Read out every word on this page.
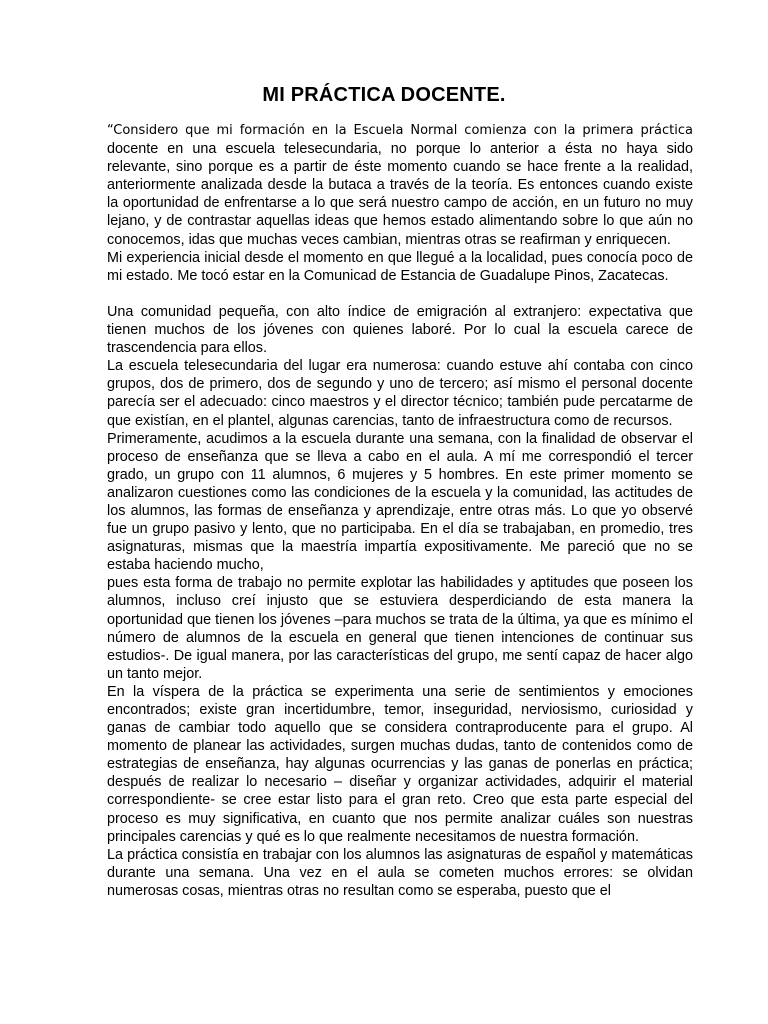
MI PRÁCTICA DOCENTE.

“Considero que mi formación en la Escuela Normal comienza con la primera práctica docente en una escuela telesecundaria, no porque lo anterior a ésta no haya sido relevante, sino porque es a partir de éste momento cuando se hace frente a la realidad, anteriormente analizada desde la butaca a través de la teoría. Es entonces cuando existe la oportunidad de enfrentarse a lo que será nuestro campo de acción, en un futuro no muy lejano, y de contrastar aquellas ideas que hemos estado alimentando sobre lo que aún no conocemos, idas que muchas veces cambian, mientras otras se reafirman y enriquecen.

Mi experiencia inicial desde el momento en que llegué a la localidad, pues conocía poco de mi estado. Me tocó estar en la Comunicad de Estancia de Guadalupe Pinos, Zacatecas.

Una comunidad pequeña, con alto índice de emigración al extranjero: expectativa que tienen muchos de los jóvenes con quienes laboré. Por lo cual la escuela carece de trascendencia para ellos.

La escuela telesecundaria del lugar era numerosa: cuando estuve ahí contaba con cinco grupos, dos de primero, dos de segundo y uno de tercero; así mismo el personal docente parecía ser el adecuado: cinco maestros y el director técnico; también pude percatarme de que existían, en el plantel, algunas carencias, tanto de infraestructura como de recursos.

Primeramente, acudimos a la escuela durante una semana, con la finalidad de observar el proceso de enseñanza que se lleva a cabo en el aula. A mí me correspondió el tercer grado, un grupo con 11 alumnos, 6 mujeres y 5 hombres. En este primer momento se analizaron cuestiones como las condiciones de la escuela y la comunidad, las actitudes de los alumnos, las formas de enseñanza y aprendizaje, entre otras más. Lo que yo observé fue un grupo pasivo y lento, que no participaba. En el día se trabajaban, en promedio, tres asignaturas, mismas que la maestría impartía expositivamente. Me pareció que no se estaba haciendo mucho,

pues esta forma de trabajo no permite explotar las habilidades y aptitudes que poseen los alumnos, incluso creí injusto que se estuviera desperdiciando de esta manera la oportunidad que tienen los jóvenes –para muchos se trata de la última, ya que es mínimo el número de alumnos de la escuela en general que tienen intenciones de continuar sus estudios-. De igual manera, por las características del grupo, me sentí capaz de hacer algo un tanto mejor.

En la víspera de la práctica se experimenta una serie de sentimientos y emociones encontrados; existe gran incertidumbre, temor, inseguridad, nerviosismo, curiosidad y ganas de cambiar todo aquello que se considera contraproducente para el grupo. Al momento de planear las actividades, surgen muchas dudas, tanto de contenidos como de estrategias de enseñanza, hay algunas ocurrencias y las ganas de ponerlas en práctica; después de realizar lo necesario – diseñar y organizar actividades, adquirir el material correspondiente- se cree estar listo para el gran reto. Creo que esta parte especial del proceso es muy significativa, en cuanto que nos permite analizar cuáles son nuestras principales carencias y qué es lo que realmente necesitamos de nuestra formación.

La práctica consistía en trabajar con los alumnos las asignaturas de español y matemáticas durante una semana. Una vez en el aula se cometen muchos errores: se olvidan numerosas cosas, mientras otras no resultan como se esperaba, puesto que el
